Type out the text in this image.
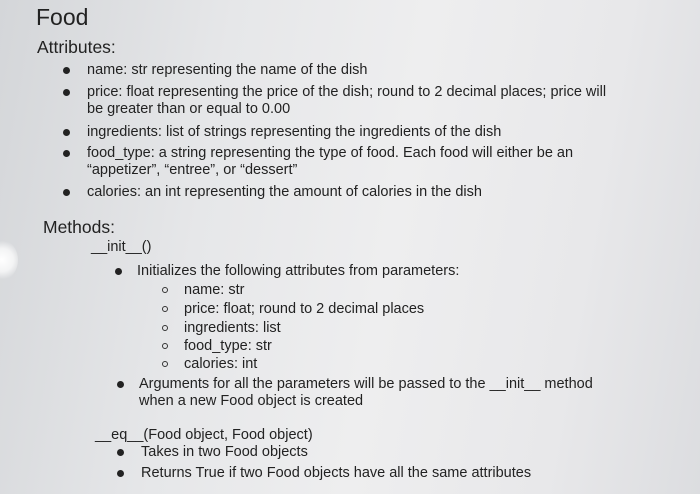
Food
Attributes:
name: str representing the name of the dish
price: float representing the price of the dish; round to 2 decimal places; price will
be greater than or equal to 0.00
ingredients: list of strings representing the ingredients of the dish
food_type: a string representing the type of food. Each food will either be an
“appetizer”, “entree”, or “dessert”
calories: an int representing the amount of calories in the dish
Methods:
__init__()
Initializes the following attributes from parameters:
name: str
price: float; round to 2 decimal places
ingredients: list
food_type: str
calories: int
Arguments for all the parameters will be passed to the __init__ method
when a new Food object is created
__eq__(Food object, Food object)
Takes in two Food objects
Returns True if two Food objects have all the same attributes
